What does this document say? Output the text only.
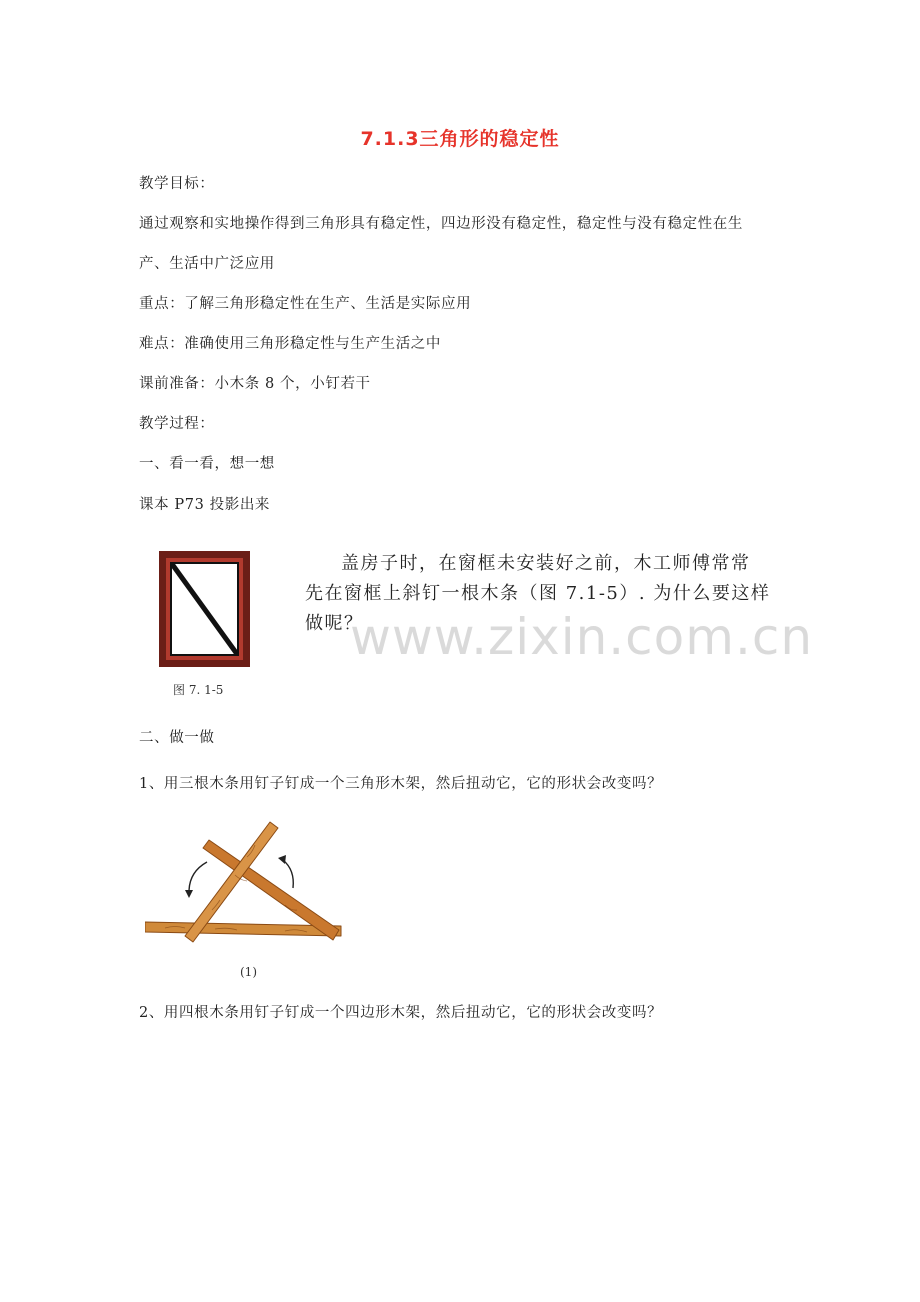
7.1.3三角形的稳定性
教学目标：
通过观察和实地操作得到三角形具有稳定性，四边形没有稳定性，稳定性与没有稳定性在生
产、生活中广泛应用
重点：了解三角形稳定性在生产、生活是实际应用
难点：准确使用三角形稳定性与生产生活之中
课前准备：小木条 8 个，小钉若干
教学过程：
一、看一看，想一想
课本 P73 投影出来
图 7. 1-5

盖房子时，在窗框未安装好之前，木工师傅常常

先在窗框上斜钉一根木条（图 7.1-5）. 为什么要这样

做呢？

www.zixin.com.cn
二、做一做
1、用三根木条用钉子钉成一个三角形木架，然后扭动它，它的形状会改变吗？
(1)
2、用四根木条用钉子钉成一个四边形木架，然后扭动它，它的形状会改变吗？
